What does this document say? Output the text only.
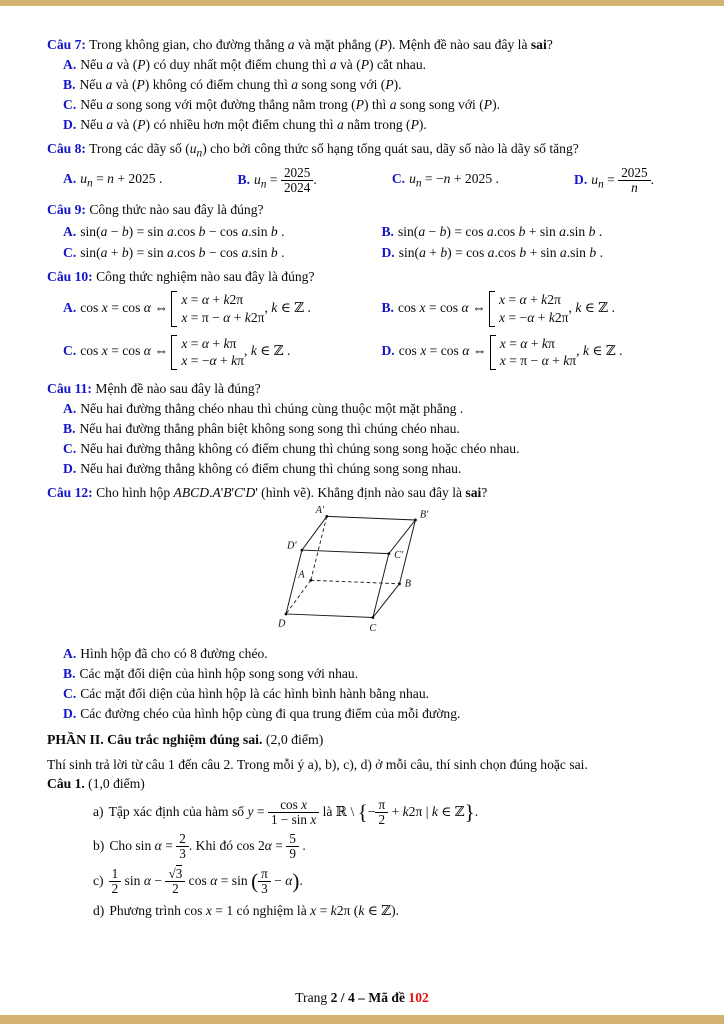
Câu 7: Trong không gian, cho đường thẳng a và mặt phẳng (P). Mệnh đề nào sau đây là sai?

A. Nếu a và (P) có duy nhất một điểm chung thì a và (P) cắt nhau.

B. Nếu a và (P) không có điểm chung thì a song song với (P).

C. Nếu a song song với một đường thẳng nằm trong (P) thì a song song với (P).

D. Nếu a và (P) có nhiều hơn một điểm chung thì a nằm trong (P).

Câu 8: Trong các dãy số $(u_n)$ cho bởi công thức số hạng tổng quát sau, dãy số nào là dãy số tăng?

A. $u_n = n + 2025$ .	B. $u_n = \frac{2025}{2024}$ .	C. $u_n = -n + 2025$ .	D. $u_n = \frac{2025}{n}$ .

Câu 9: Công thức nào sau đây là đúng?

A. sin(a − b) = sin a.cos b − cos a.sin b .	B. sin(a − b) = cos a.cos b + sin a.sin b .

C. sin(a + b) = sin a.cos b − cos a.sin b .	D. sin(a + b) = cos a.cos b + sin a.sin b .

Câu 10: Công thức nghiệm nào sau đây là đúng?

A. cos x = cos α ⇔
x = α + k2π
x = π − α + k2π
, k ∈ ℤ .	B. cos x = cos α ⇔
x = α + k2π
x = −α + k2π
, k ∈ ℤ .

C. cos x = cos α ⇔
x = α + kπ
x = −α + kπ
, k ∈ ℤ .	D. cos x = cos α ⇔
x = α + kπ
x = π − α + kπ
, k ∈ ℤ .

Câu 11: Mệnh đề nào sau đây là đúng?

A. Nếu hai đường thẳng chéo nhau thì chúng cùng thuộc một mặt phẳng .

B. Nếu hai đường thẳng phân biệt không song song thì chúng chéo nhau.

C. Nếu hai đường thẳng không có điểm chung thì chúng song song hoặc chéo nhau.

D. Nếu hai đường thẳng không có điểm chung thì chúng song song nhau.

Câu 12: Cho hình hộp ABCD.A'B'C'D' (hình vẽ). Khẳng định nào sau đây là sai?

A'	B'
C'
D'
A
B
C
D

A. Hình hộp đã cho có 8 đường chéo.

B. Các mặt đối diện của hình hộp song song với nhau.

C. Các mặt đối diện của hình hộp là các hình bình hành bằng nhau.

D. Các đường chéo của hình hộp cùng đi qua trung điểm của mỗi đường.

PHẦN II. Câu trắc nghiệm đúng sai. (2,0 điểm)

Thí sinh trả lời từ câu 1 đến câu 2. Trong mỗi ý a), b), c), d) ở mỗi câu, thí sinh chọn đúng hoặc sai.

Câu 1. (1,0 điểm)

a) Tập xác định của hàm số $y = \frac{\text{cos x}}{\text{1 − sin x}}$ là ℝ \ {− $\frac{\pi}{2} + k2\pi$ | k ∈ ℤ}.

b) Cho $\sin \alpha = \frac{2}{3}$ . Khi đó $\cos 2\alpha = \frac{5}{9}$ .

$c) \frac{1}{2}$ $\sin \alpha - \frac{√3}{2}$ cos α = sin ( $\frac{\pi}{3} - \alpha$).

d) Phương trình cos x = 1 có nghiệm là x = k2π (k ∈ ℤ).

Trang 2 / 4 – Mã đề 102
